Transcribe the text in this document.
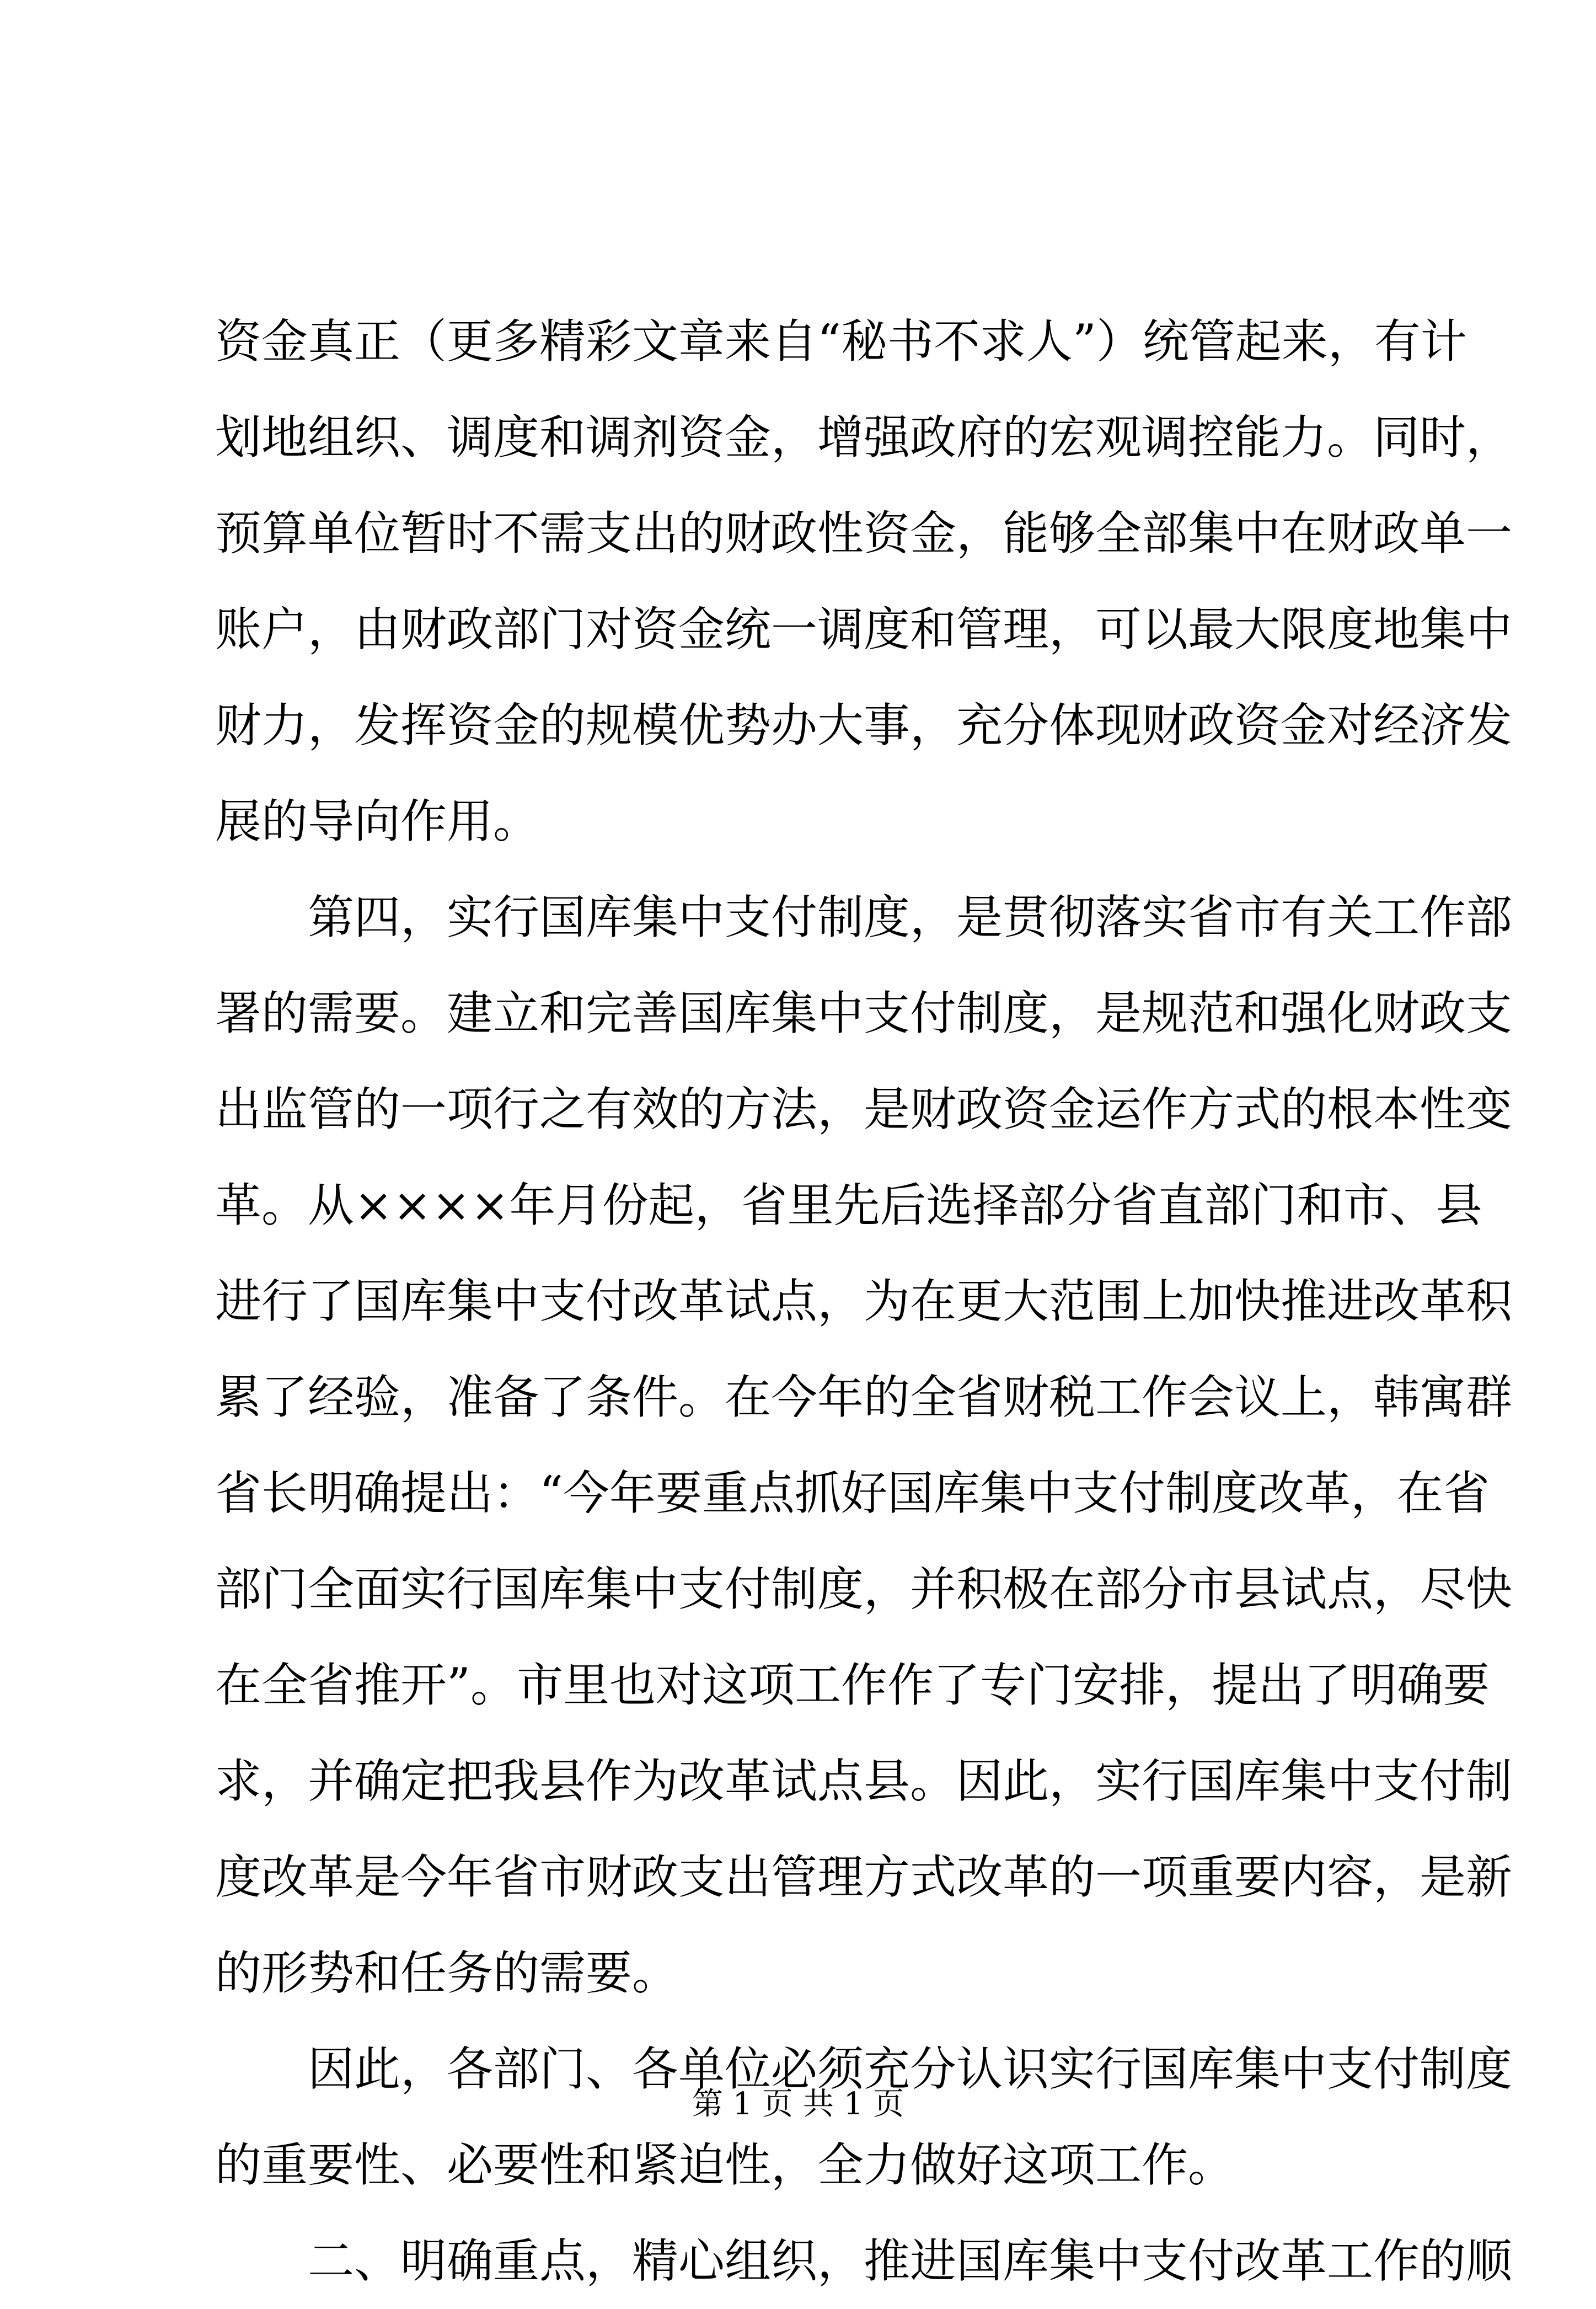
资金真正（更多精彩文章来自“秘书不求人”）统管起来，有计
划地组织、调度和调剂资金，增强政府的宏观调控能力。同时，
预算单位暂时不需支出的财政性资金，能够全部集中在财政单一
账户，由财政部门对资金统一调度和管理，可以最大限度地集中
财力，发挥资金的规模优势办大事，充分体现财政资金对经济发
展的导向作用。
第四，实行国库集中支付制度，是贯彻落实省市有关工作部
署的需要。建立和完善国库集中支付制度，是规范和强化财政支
出监管的一项行之有效的方法，是财政资金运作方式的根本性变
革。从××××年月份起，省里先后选择部分省直部门和市、县
进行了国库集中支付改革试点，为在更大范围上加快推进改革积
累了经验，准备了条件。在今年的全省财税工作会议上，韩寓群
省长明确提出：“今年要重点抓好国库集中支付制度改革，在省
部门全面实行国库集中支付制度，并积极在部分市县试点，尽快
在全省推开”。市里也对这项工作作了专门安排，提出了明确要
求，并确定把我县作为改革试点县。因此，实行国库集中支付制
度改革是今年省市财政支出管理方式改革的一项重要内容，是新
的形势和任务的需要。
因此，各部门、各单位必须充分认识实行国库集中支付制度
的重要性、必要性和紧迫性，全力做好这项工作。
二、明确重点，精心组织，推进国库集中支付改革工作的顺
第 1 页 共 1 页
